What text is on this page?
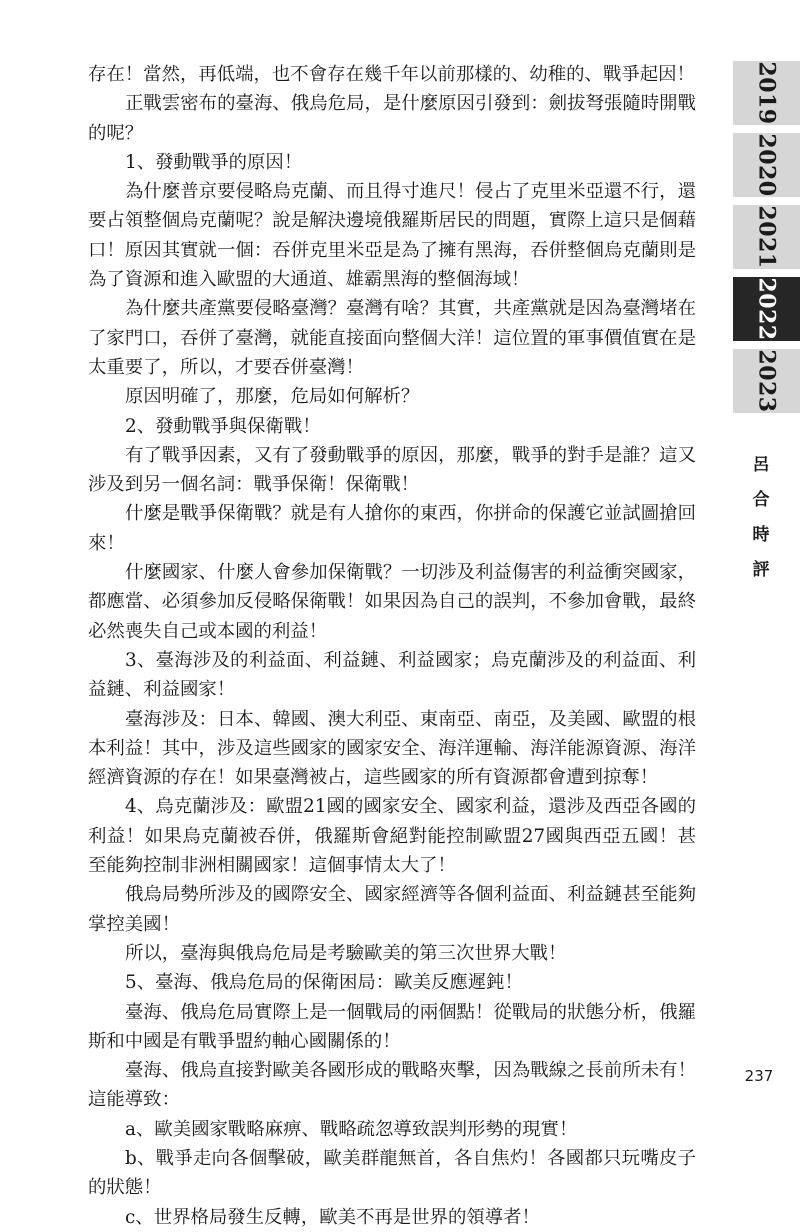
存在！當然，再低端，也不會存在幾千年以前那樣的、幼稚的、戰爭起因！

正戰雲密布的臺海、俄烏危局，是什麼原因引發到：劍拔弩張隨時開戰的呢？

1、發動戰爭的原因！

為什麼普京要侵略烏克蘭、而且得寸進尺！侵占了克里米亞還不行，還要占領整個烏克蘭呢？說是解決邊境俄羅斯居民的問題，實際上這只是個藉口！原因其實就一個：吞併克里米亞是為了擁有黑海，吞併整個烏克蘭則是為了資源和進入歐盟的大通道、雄霸黑海的整個海域！

為什麼共產黨要侵略臺灣？臺灣有啥？其實，共產黨就是因為臺灣堵在了家門口，吞併了臺灣，就能直接面向整個大洋！這位置的軍事價值實在是太重要了，所以，才要吞併臺灣！

原因明確了，那麼，危局如何解析？

2、發動戰爭與保衛戰！

有了戰爭因素，又有了發動戰爭的原因，那麼，戰爭的對手是誰？這又涉及到另一個名詞：戰爭保衛！保衛戰！

什麼是戰爭保衛戰？就是有人搶你的東西，你拼命的保護它並試圖搶回來！

什麼國家、什麼人會參加保衛戰？一切涉及利益傷害的利益衝突國家，都應當、必須參加反侵略保衛戰！如果因為自己的誤判，不參加會戰，最終必然喪失自己或本國的利益！

3、臺海涉及的利益面、利益鏈、利益國家；烏克蘭涉及的利益面、利益鏈、利益國家！

臺海涉及：日本、韓國、澳大利亞、東南亞、南亞，及美國、歐盟的根本利益！其中，涉及這些國家的國家安全、海洋運輸、海洋能源資源、海洋經濟資源的存在！如果臺灣被占，這些國家的所有資源都會遭到掠奪！

4、烏克蘭涉及：歐盟21國的國家安全、國家利益，還涉及西亞各國的利益！如果烏克蘭被吞併，俄羅斯會絕對能控制歐盟27國與西亞五國！甚至能夠控制非洲相關國家！這個事情太大了！

俄烏局勢所涉及的國際安全、國家經濟等各個利益面、利益鏈甚至能夠掌控美國！

所以，臺海與俄烏危局是考驗歐美的第三次世界大戰！

5、臺海、俄烏危局的保衛困局：歐美反應遲鈍！

臺海、俄烏危局實際上是一個戰局的兩個點！從戰局的狀態分析，俄羅斯和中國是有戰爭盟約軸心國關係的！

臺海、俄烏直接對歐美各國形成的戰略夾擊，因為戰線之長前所未有！這能導致：

a、歐美國家戰略麻痹、戰略疏忽導致誤判形勢的現實！

b、戰爭走向各個擊破，歐美群龍無首，各自焦灼！各國都只玩嘴皮子的狀態！

c、世界格局發生反轉，歐美不再是世界的領導者！

2019
2020
2021
2022
2023
呂
合
時
評
237
